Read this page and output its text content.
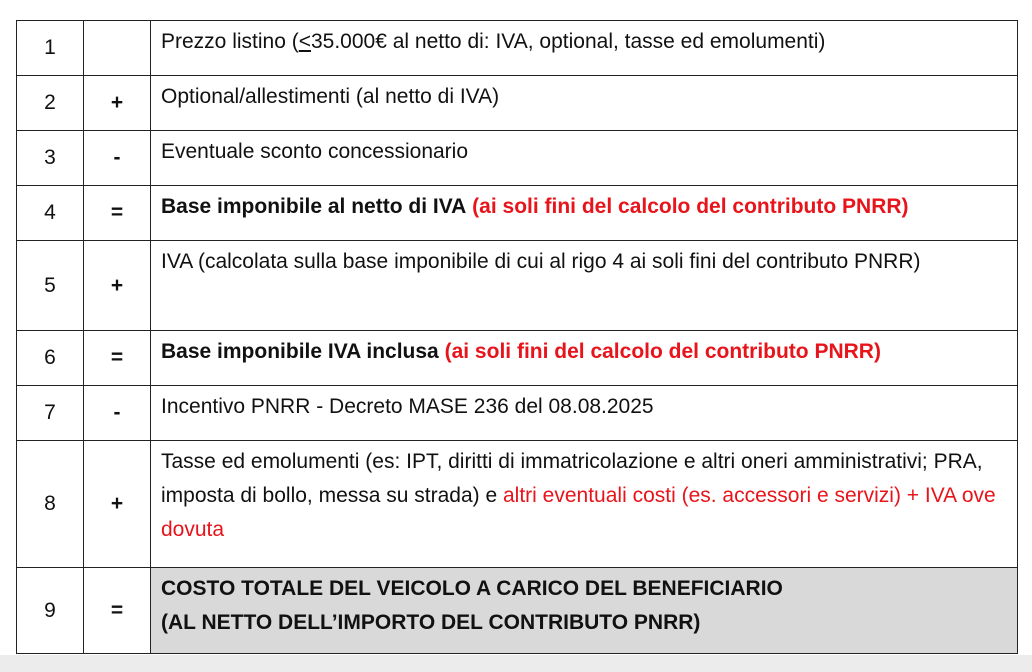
1		Prezzo listino (≤35.000€ al netto di: IVA, optional, tasse ed emolumenti)
2	+	Optional/allestimenti (al netto di IVA)
3	-	Eventuale sconto concessionario
4	=	Base imponibile al netto di IVA (ai soli fini del calcolo del contributo PNRR)
5	+	IVA (calcolata sulla base imponibile di cui al rigo 4 ai soli fini del contributo PNRR)
6	=	Base imponibile IVA inclusa (ai soli fini del calcolo del contributo PNRR)
7	-	Incentivo PNRR - Decreto MASE 236 del 08.08.2025
8	+	Tasse ed emolumenti (es: IPT, diritti di immatricolazione e altri oneri amministrativi; PRA, imposta di bollo, messa su strada) e altri eventuali costi (es. accessori e servizi) + IVA ove dovuta
9	=	COSTO TOTALE DEL VEICOLO A CARICO DEL BENEFICIARIO
(AL NETTO DELL’IMPORTO DEL CONTRIBUTO PNRR)
